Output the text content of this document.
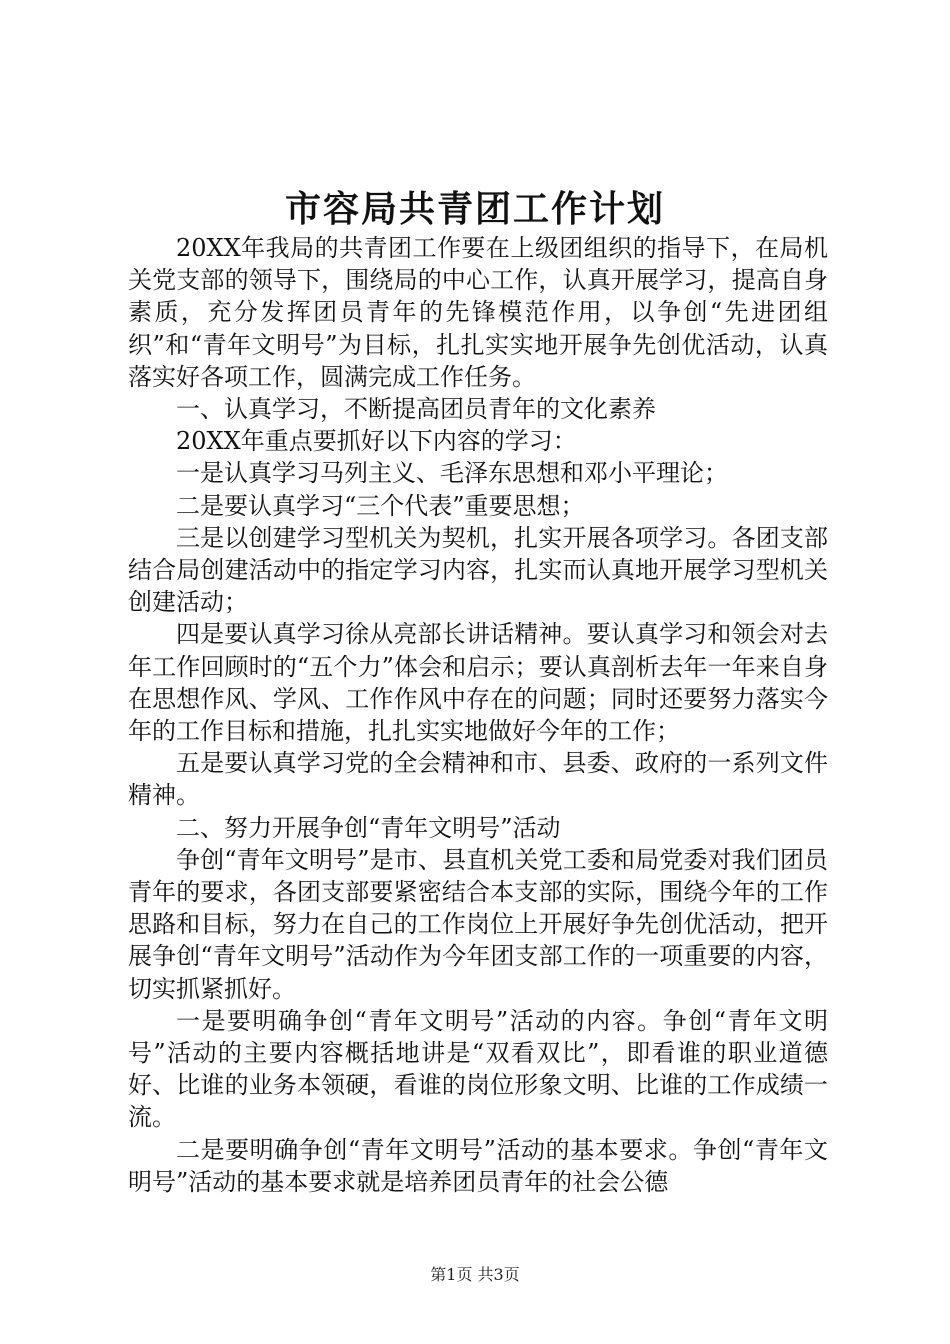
市容局共青团工作计划

20XX年我局的共青团工作要在上级团组织的指导下，在局机关党支部的领导下，围绕局的中心工作，认真开展学习，提高自身素质，充分发挥团员青年的先锋模范作用，以争创“先进团组织”和“青年文明号”为目标，扎扎实实地开展争先创优活动，认真落实好各项工作，圆满完成工作任务。

一、认真学习，不断提高团员青年的文化素养

20XX年重点要抓好以下内容的学习：

一是认真学习马列主义、毛泽东思想和邓小平理论；

二是要认真学习“三个代表”重要思想；

三是以创建学习型机关为契机，扎实开展各项学习。各团支部结合局创建活动中的指定学习内容，扎实而认真地开展学习型机关创建活动；

四是要认真学习徐从亮部长讲话精神。要认真学习和领会对去年工作回顾时的“五个力”体会和启示；要认真剖析去年一年来自身在思想作风、学风、工作作风中存在的问题；同时还要努力落实今年的工作目标和措施，扎扎实实地做好今年的工作；

五是要认真学习党的全会精神和市、县委、政府的一系列文件精神。

二、努力开展争创“青年文明号”活动

争创“青年文明号”是市、县直机关党工委和局党委对我们团员青年的要求，各团支部要紧密结合本支部的实际，围绕今年的工作思路和目标，努力在自己的工作岗位上开展好争先创优活动，把开展争创“青年文明号”活动作为今年团支部工作的一项重要的内容，切实抓紧抓好。

一是要明确争创“青年文明号”活动的内容。争创“青年文明号”活动的主要内容概括地讲是“双看双比”，即看谁的职业道德好、比谁的业务本领硬，看谁的岗位形象文明、比谁的工作成绩一流。

二是要明确争创“青年文明号”活动的基本要求。争创“青年文明号”活动的基本要求就是培养团员青年的社会公德

第1页 共3页
